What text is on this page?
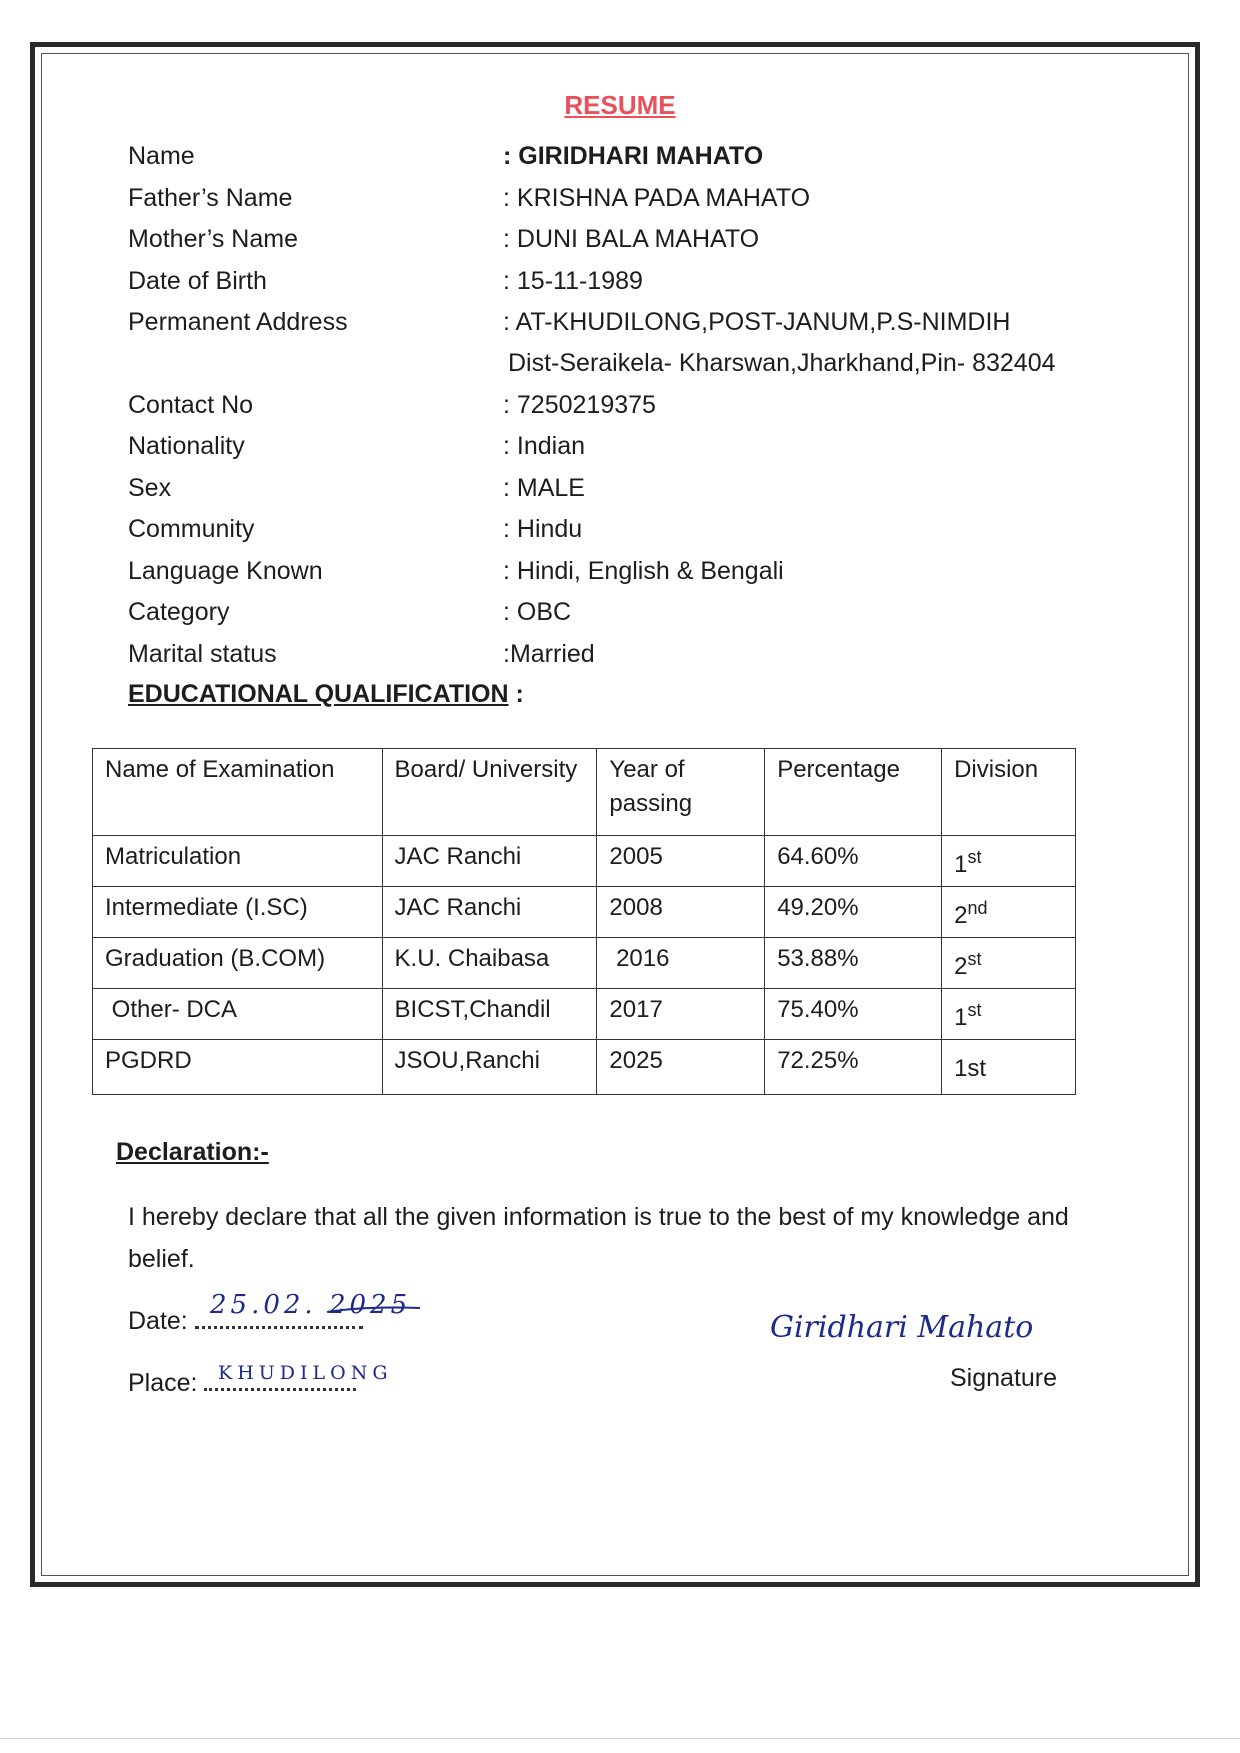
RESUME
Name	: GIRIDHARI MAHATO
Father’s Name	: KRISHNA PADA MAHATO
Mother’s Name	: DUNI BALA MAHATO
Date of Birth	: 15-11-1989
Permanent Address	: AT-KHUDILONG,POST-JANUM,P.S-NIMDIH
Dist-Seraikela- Kharswan,Jharkhand,Pin- 832404
Contact No	: 7250219375
Nationality	: Indian
Sex	: MALE
Community	: Hindu
Language Known	: Hindi, English & Bengali
Category	: OBC
Marital status	:Married
EDUCATIONAL QUALIFICATION :
Name of Examination	Board/ University	Year of passing	Percentage	Division
Matriculation	JAC Ranchi	2005	64.60%	1st
Intermediate (I.SC)	JAC Ranchi	2008	49.20%	2nd
Graduation (B.COM)	K.U. Chaibasa	2016	53.88%	2st
Other- DCA	BICST,Chandil	2017	75.40%	1st
PGDRD	JSOU,Ranchi	2025	72.25%	1st
Declaration:-
I hereby declare that all the given information is true to the best of my knowledge and belief.
Date:
25.02. 2025
Place: KHUDILONG
Giridhari Mahato
Signature
